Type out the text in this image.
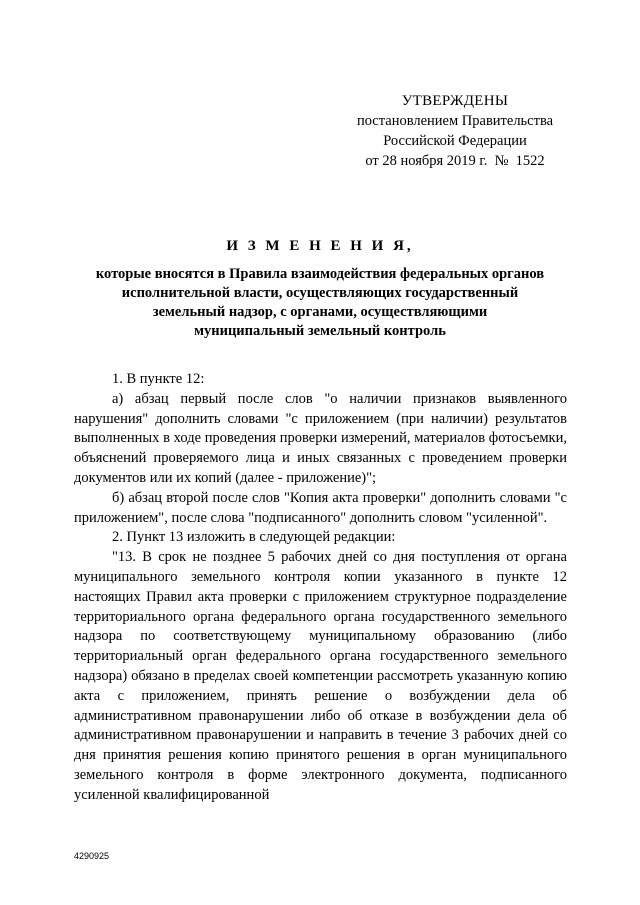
УТВЕРЖДЕНЫ
постановлением Правительства
Российской Федерации
от 28 ноября 2019 г.  №  1522
И З М Е Н Е Н И Я,
которые вносятся в Правила взаимодействия федеральных органов
исполнительной власти, осуществляющих государственный
земельный надзор, с органами, осуществляющими
муниципальный земельный контроль

1. В пункте 12:

а) абзац первый после слов "о наличии признаков выявленного нарушения" дополнить словами "с приложением (при наличии) результатов выполненных в ходе проведения проверки измерений, материалов фотосъемки, объяснений проверяемого лица и иных связанных с проведением проверки документов или их копий (далее - приложение)";

б) абзац второй после слов "Копия акта проверки" дополнить словами "с приложением", после слова "подписанного" дополнить словом "усиленной".

2. Пункт 13 изложить в следующей редакции:

"13. В срок не позднее 5 рабочих дней со дня поступления от органа муниципального земельного контроля копии указанного в пункте 12 настоящих Правил акта проверки с приложением структурное подразделение территориального органа федерального органа государственного земельного надзора по соответствующему муниципальному образованию (либо территориальный орган федерального органа государственного земельного надзора) обязано в пределах своей компетенции рассмотреть указанную копию акта с приложением, принять решение о возбуждении дела об административном правонарушении либо об отказе в возбуждении дела об административном правонарушении и направить в течение 3 рабочих дней со дня принятия решения копию принятого решения в орган муниципального земельного контроля в форме электронного документа, подписанного усиленной квалифицированной

4290925
